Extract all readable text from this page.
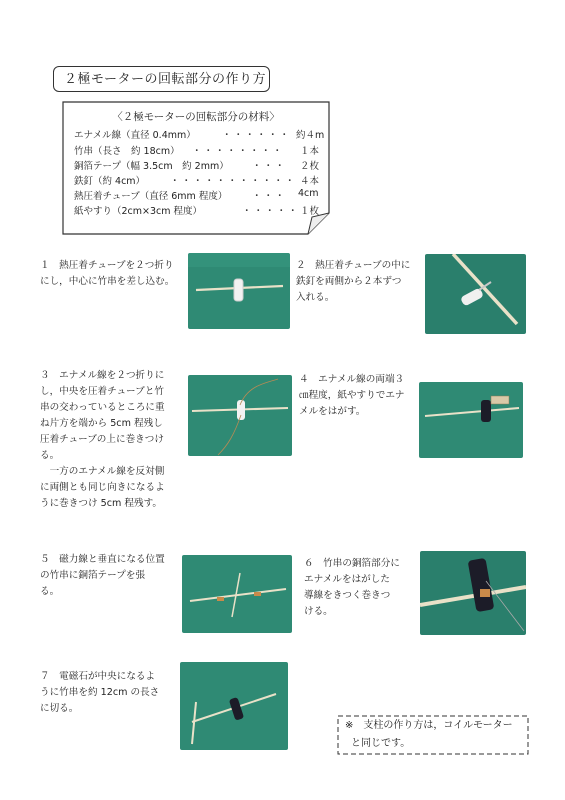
２極モーターの回転部分の作り方
〈２極モーターの回転部分の材料〉
エナメル線（直径 0.4mm）	・・・・・・ 約４m
竹串（長さ　約 18cm） ・・・・・・・・ １本
銅箔テープ（幅 3.5cm　約 2mm） ・・・ ２枚
鉄釘（約 4cm）	・・・・・・・・・・・ ４本
熱圧着チューブ（直径 6mm 程度）	・・・ 4cm
紙やすり（2cm×3cm 程度）	・・・・・ １枚
１　熱圧着チューブを２つ折り
にし，中心に竹串を差し込む。
２　熱圧着チューブの中に
鉄釘を両側から２本ずつ
入れる。
３　エナメル線を２つ折りに
し，中央を圧着チューブと竹
串の交わっているところに重
ね片方を端から 5cm 程残し
圧着チューブの上に巻きつけ
る。
　一方のエナメル線を反対側
に両側とも同じ向きになるよ
うに巻きつけ 5cm 程残す。
４　エナメル線の両端３
㎝程度，紙やすりでエナ
メルをはがす。
５　磁力線と垂直になる位置
の竹串に銅箔テープを張
る。
６　竹串の銅箔部分に
エナメルをはがした
導線をきつく巻きつ
ける。
７　電磁石が中央になるよ
うに竹串を約 12cm の長さ
に切る。
※　支柱の作り方は，コイルモーター
と同じです。
